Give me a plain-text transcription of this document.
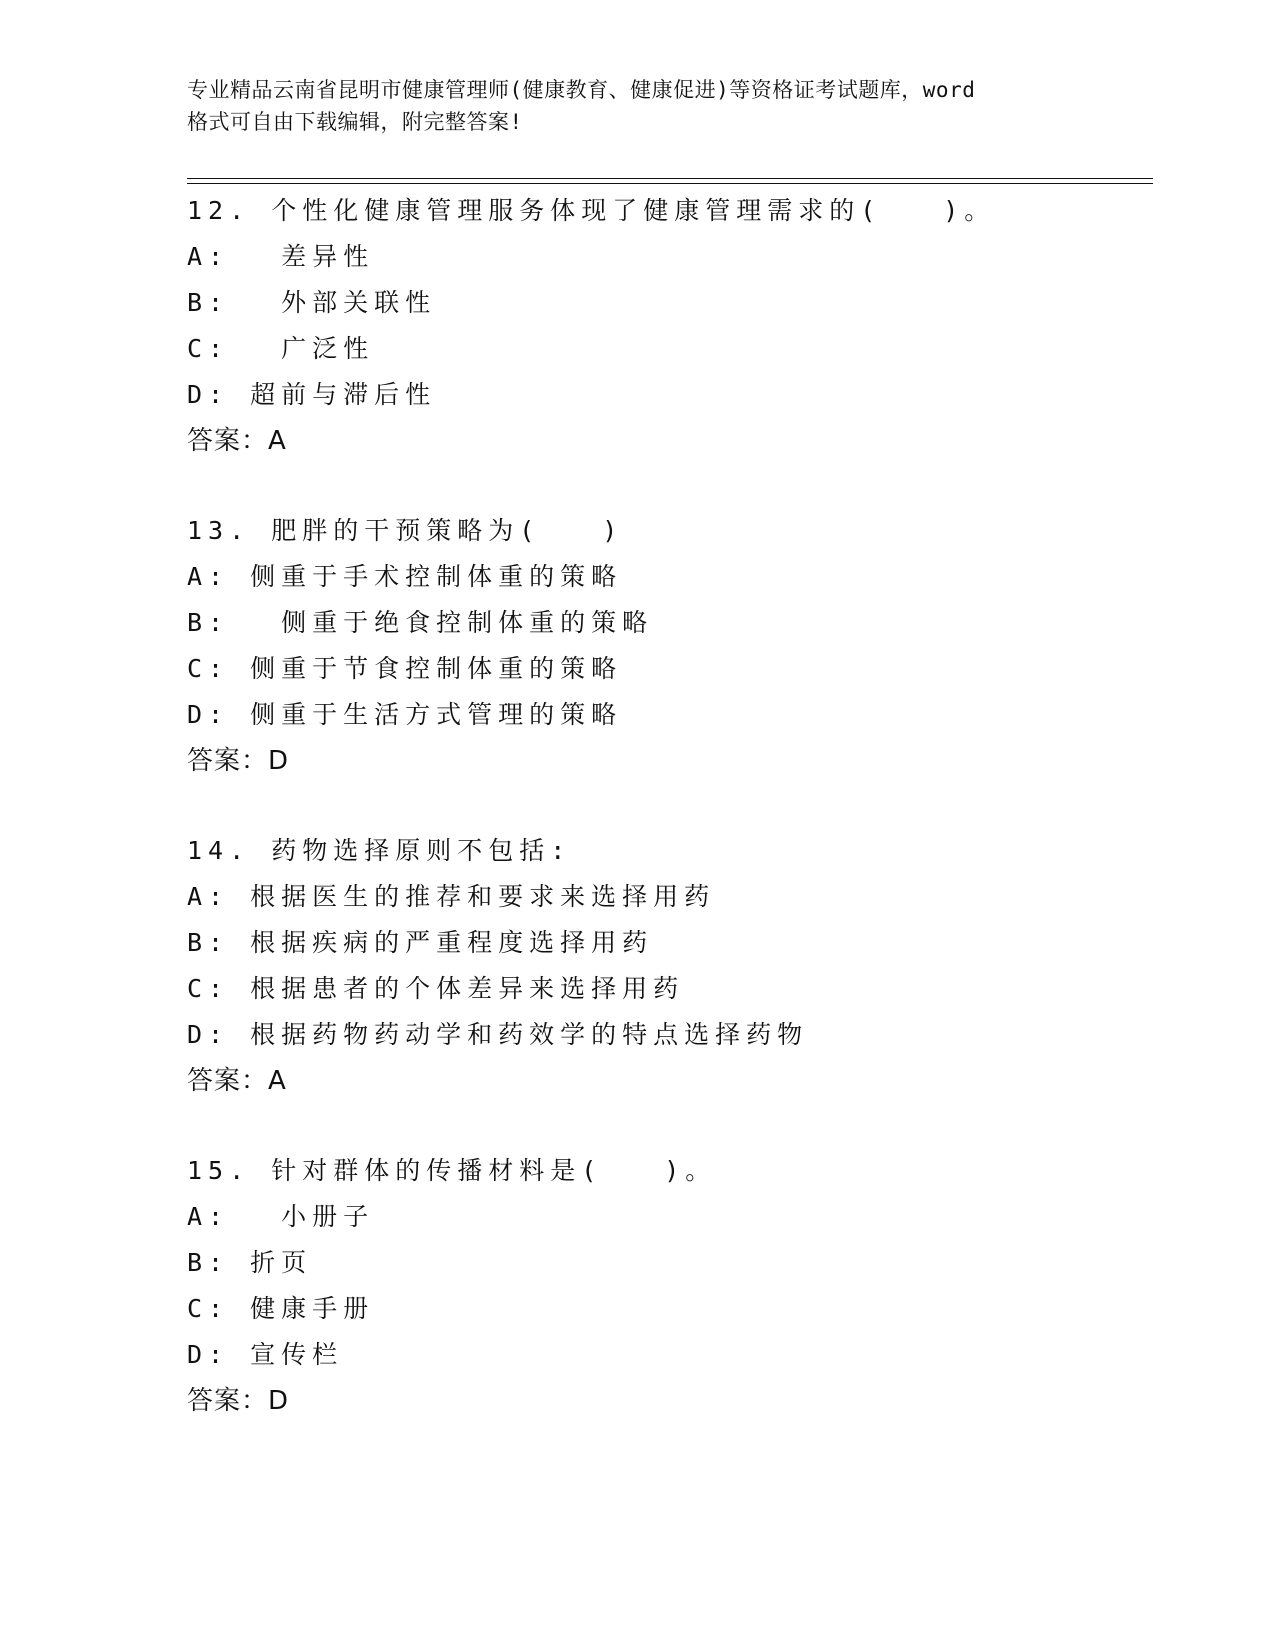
专业精品云南省昆明市健康管理师(健康教育、健康促进)等资格证考试题库，word
格式可自由下载编辑，附完整答案!
12. 个性化健康管理服务体现了健康管理需求的(　　)。
A: 　差异性
B: 　外部关联性
C: 　广泛性
D: 超前与滞后性
答案：A
13. 肥胖的干预策略为(　　)
A: 侧重于手术控制体重的策略
B: 　侧重于绝食控制体重的策略
C: 侧重于节食控制体重的策略
D: 侧重于生活方式管理的策略
答案：D
14. 药物选择原则不包括:
A: 根据医生的推荐和要求来选择用药
B: 根据疾病的严重程度选择用药
C: 根据患者的个体差异来选择用药
D: 根据药物药动学和药效学的特点选择药物
答案：A
15. 针对群体的传播材料是(　　)。
A: 　小册子
B: 折页
C: 健康手册
D: 宣传栏
答案：D
